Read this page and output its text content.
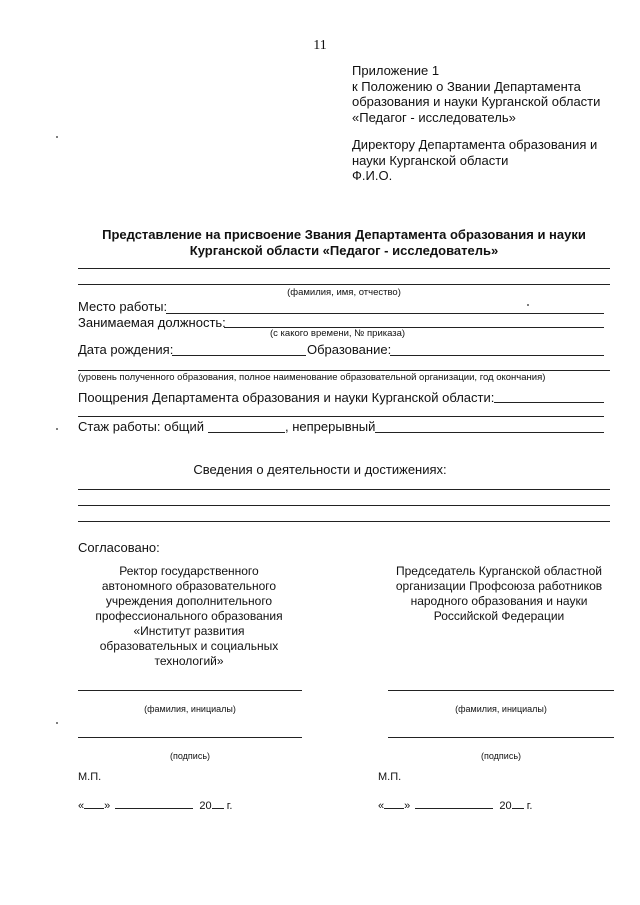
11
Приложение 1
к Положению о Звании Департамента
образования и науки Курганской области
«Педагог - исследователь»
Директору Департамента образования и
науки Курганской области
Ф.И.О.
Представление на присвоение Звания Департамента образования и науки
Курганской области «Педагог - исследователь»
(фамилия, имя, отчество)
Место работы:
Занимаемая должность:
(с какого времени, № приказа)
Дата рождения:	Образование:
(уровень полученного образования, полное наименование образовательной организации, год окончания)
Поощрения Департамента образования и науки Курганской области:
Стаж работы: общий	, непрерывный
Сведения о деятельности и достижениях:
Согласовано:
Ректор государственного
автономного образовательного
учреждения дополнительного
профессионального образования
«Институт развития
образовательных и социальных
технологий»
(фамилия, инициалы)
(подпись)
М.П.
« »	20 г.
Председатель Курганской областной
организации Профсоюза работников
народного образования и науки
Российской Федерации
(фамилия, инициалы)
(подпись)
М.П.
« »	20 г.
